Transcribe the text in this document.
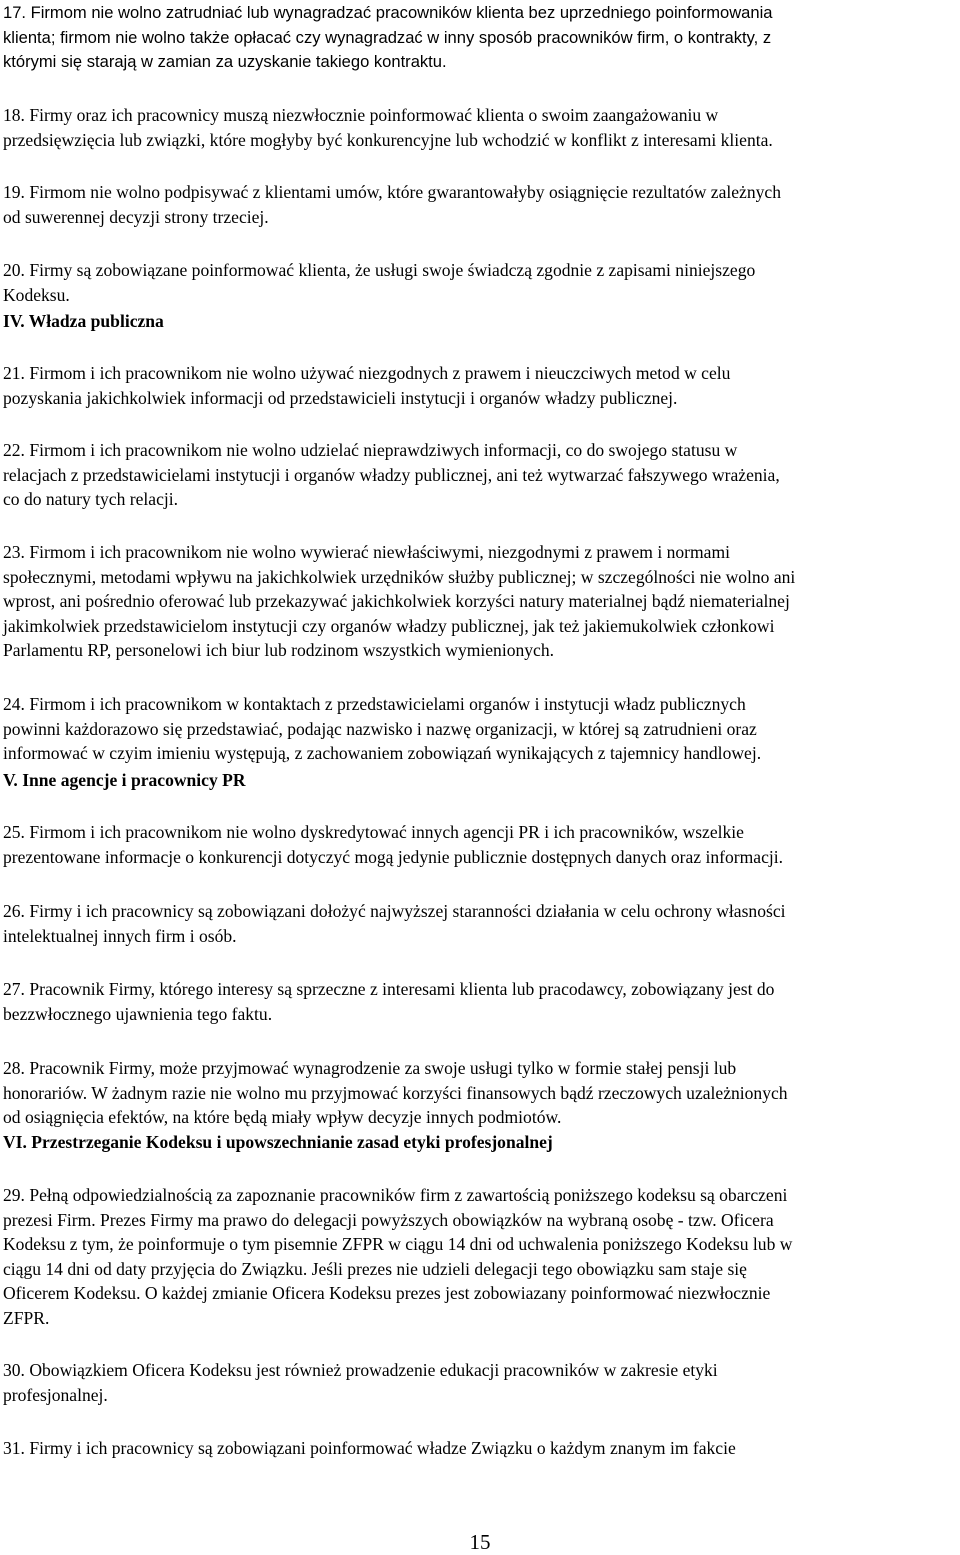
17. Firmom nie wolno zatrudniać lub wynagradzać pracowników klienta bez uprzedniego poinformowania
klienta; firmom nie wolno także opłacać czy wynagradzać w inny sposób pracowników firm, o kontrakty, z
którymi się starają w zamian za uzyskanie takiego kontraktu.
18. Firmy oraz ich pracownicy muszą niezwłocznie poinformować klienta o swoim zaangażowaniu w
przedsięwzięcia lub związki, które mogłyby być konkurencyjne lub wchodzić w konflikt z interesami klienta.
19. Firmom nie wolno podpisywać z klientami umów, które gwarantowałyby osiągnięcie rezultatów zależnych
od suwerennej decyzji strony trzeciej.
20. Firmy są zobowiązane poinformować klienta, że usługi swoje świadczą zgodnie z zapisami niniejszego
Kodeksu.
IV. Władza publiczna
21. Firmom i ich pracownikom nie wolno używać niezgodnych z prawem i nieuczciwych metod w celu
pozyskania jakichkolwiek informacji od przedstawicieli instytucji i organów władzy publicznej.
22. Firmom i ich pracownikom nie wolno udzielać nieprawdziwych informacji, co do swojego statusu w
relacjach z przedstawicielami instytucji i organów władzy publicznej, ani też wytwarzać fałszywego wrażenia,
co do natury tych relacji.
23. Firmom i ich pracownikom nie wolno wywierać niewłaściwymi, niezgodnymi z prawem i normami
społecznymi, metodami wpływu na jakichkolwiek urzędników służby publicznej; w szczególności nie wolno ani
wprost, ani pośrednio oferować lub przekazywać jakichkolwiek korzyści natury materialnej bądź niematerialnej
jakimkolwiek przedstawicielom instytucji czy organów władzy publicznej, jak też jakiemukolwiek członkowi
Parlamentu RP, personelowi ich biur lub rodzinom wszystkich wymienionych.
24. Firmom i ich pracownikom w kontaktach z przedstawicielami organów i instytucji władz publicznych
powinni każdorazowo się przedstawiać, podając nazwisko i nazwę organizacji, w której są zatrudnieni oraz
informować w czyim imieniu występują, z zachowaniem zobowiązań wynikających z tajemnicy handlowej.
V. Inne agencje i pracownicy PR
25. Firmom i ich pracownikom nie wolno dyskredytować innych agencji PR i ich pracowników, wszelkie
prezentowane informacje o konkurencji dotyczyć mogą jedynie publicznie dostępnych danych oraz informacji.
26. Firmy i ich pracownicy są zobowiązani dołożyć najwyższej staranności działania w celu ochrony własności
intelektualnej innych firm i osób.
27. Pracownik Firmy, którego interesy są sprzeczne z interesami klienta lub pracodawcy, zobowiązany jest do
bezzwłocznego ujawnienia tego faktu.
28. Pracownik Firmy, może przyjmować wynagrodzenie za swoje usługi tylko w formie stałej pensji lub
honorariów. W żadnym razie nie wolno mu przyjmować korzyści finansowych bądź rzeczowych uzależnionych
od osiągnięcia efektów, na które będą miały wpływ decyzje innych podmiotów.
VI. Przestrzeganie Kodeksu i upowszechnianie zasad etyki profesjonalnej
29. Pełną odpowiedzialnością za zapoznanie pracowników firm z zawartością poniższego kodeksu są obarczeni
prezesi Firm. Prezes Firmy ma prawo do delegacji powyższych obowiązków na wybraną osobę - tzw. Oficera
Kodeksu z tym, że poinformuje o tym pisemnie ZFPR w ciągu 14 dni od uchwalenia poniższego Kodeksu lub w
ciągu 14 dni od daty przyjęcia do Związku. Jeśli prezes nie udzieli delegacji tego obowiązku sam staje się
Oficerem Kodeksu. O każdej zmianie Oficera Kodeksu prezes jest zobowiazany poinformować niezwłocznie
ZFPR.
30. Obowiązkiem Oficera Kodeksu jest również prowadzenie edukacji pracowników w zakresie etyki
profesjonalnej.
31. Firmy i ich pracownicy są zobowiązani poinformować władze Związku o każdym znanym im fakcie
15
